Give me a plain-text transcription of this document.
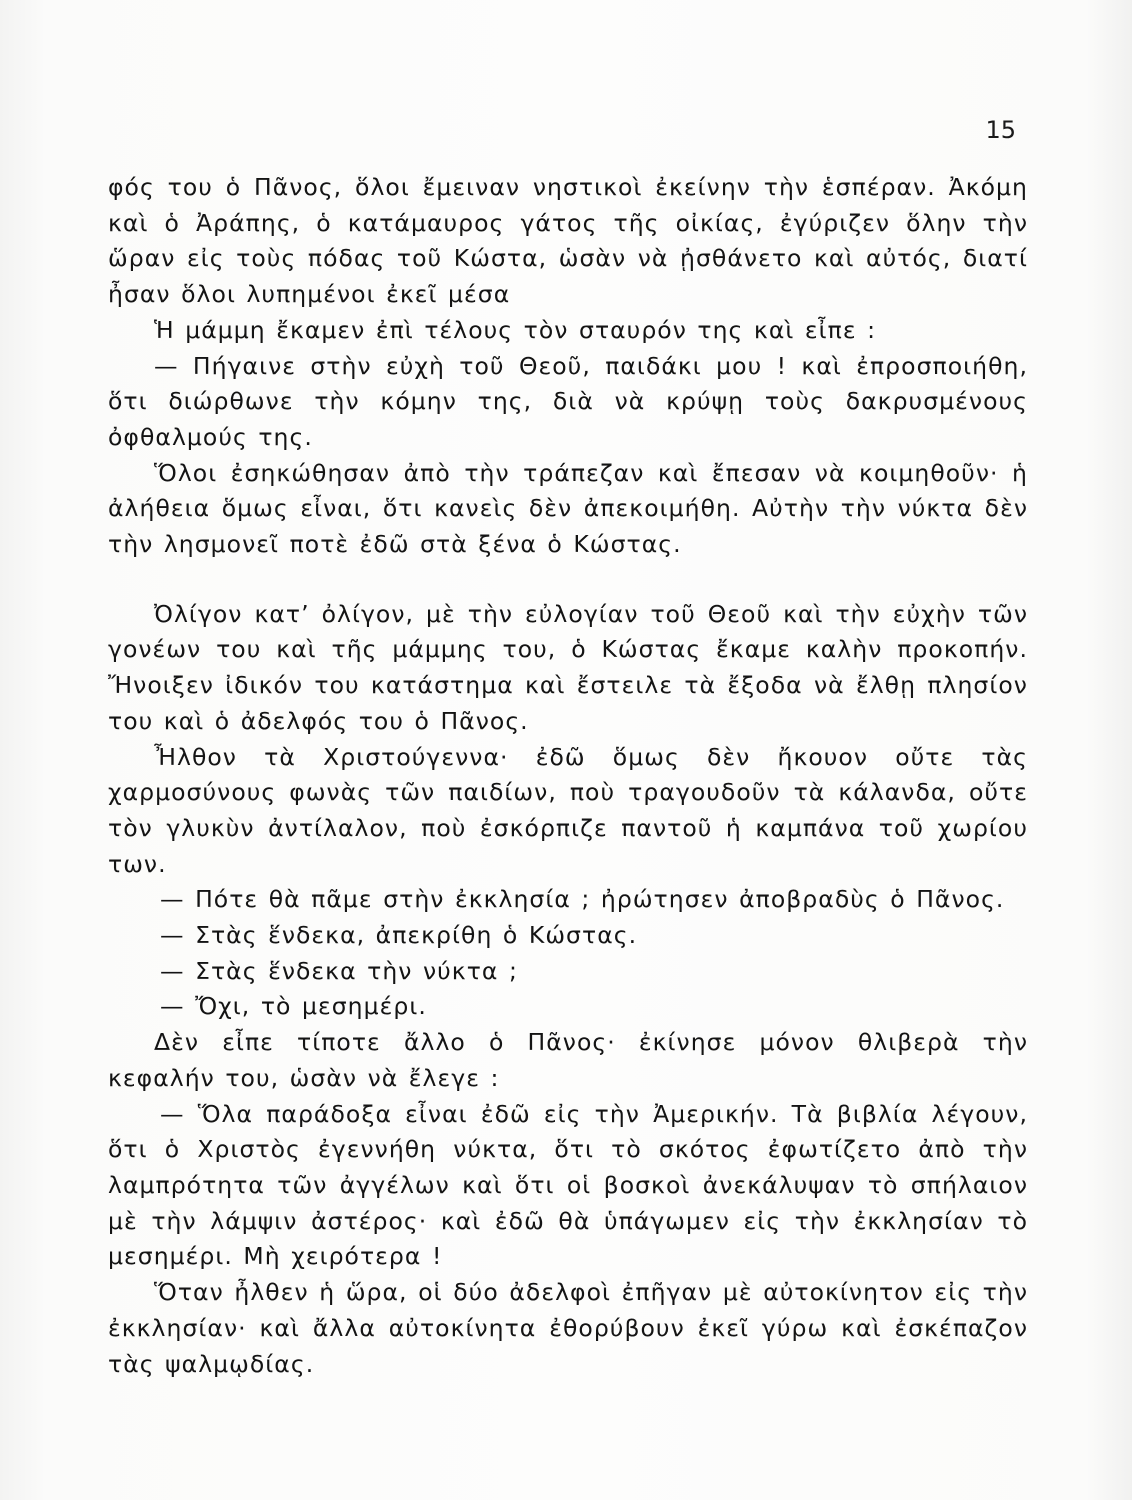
15

φός του ὁ Πᾶνος, ὅλοι ἔμειναν νηστικοὶ ἐκείνην τὴν ἑσπέραν. Ἀκόμη καὶ ὁ Ἀράπης, ὁ κατάμαυρος γάτος τῆς οἰκίας, ἐγύριζεν ὅλην τὴν ὥραν εἰς τοὺς πόδας τοῦ Κώστα, ὡσὰν νὰ ᾐσθάνετο καὶ αὐτός, διατί ἦσαν ὅλοι λυπημένοι ἐκεῖ μέσα

Ἡ μάμμη ἔκαμεν ἐπὶ τέλους τὸν σταυρόν της καὶ εἶπε :

— Πήγαινε στὴν εὐχὴ τοῦ Θεοῦ, παιδάκι μου ! καὶ ἐπροσποιήθη, ὅτι διώρθωνε τὴν κόμην της, διὰ νὰ κρύψῃ τοὺς δακρυσμένους ὀφθαλμούς της.

Ὅλοι ἐσηκώθησαν ἀπὸ τὴν τράπεζαν καὶ ἔπεσαν νὰ κοιμηθοῦν· ἡ ἀλήθεια ὅμως εἶναι, ὅτι κανεὶς δὲν ἀπεκοιμήθη. Αὐτὴν τὴν νύκτα δὲν τὴν λησμονεῖ ποτὲ ἐδῶ στὰ ξένα ὁ Κώστας.

Ὀλίγον κατ’ ὀλίγον, μὲ τὴν εὐλογίαν τοῦ Θεοῦ καὶ τὴν εὐχὴν τῶν γονέων του καὶ τῆς μάμμης του, ὁ Κώστας ἔκαμε καλὴν προκοπήν. Ἤνοιξεν ἰδικόν του κατάστημα καὶ ἔστειλε τὰ ἔξοδα νὰ ἔλθῃ πλησίον του καὶ ὁ ἀδελφός του ὁ Πᾶνος.

Ἦλθον τὰ Χριστούγεννα· ἐδῶ ὅμως δὲν ἤκουον οὔτε τὰς χαρμοσύνους φωνὰς τῶν παιδίων, ποὺ τραγουδοῦν τὰ κάλανδα, οὔτε τὸν γλυκὺν ἀντίλαλον, ποὺ ἐσκόρπιζε παντοῦ ἡ καμπάνα τοῦ χωρίου των.

— Πότε θὰ πᾶμε στὴν ἐκκλησία ; ἠρώτησεν ἀποβραδὺς ὁ Πᾶνος.

— Στὰς ἕνδεκα, ἀπεκρίθη ὁ Κώστας.

— Στὰς ἕνδεκα τὴν νύκτα ;

— Ὄχι, τὸ μεσημέρι.

Δὲν εἶπε τίποτε ἄλλο ὁ Πᾶνος· ἐκίνησε μόνον θλιβερὰ τὴν κεφαλήν του, ὡσὰν νὰ ἔλεγε :

— Ὅλα παράδοξα εἶναι ἐδῶ εἰς τὴν Ἀμερικήν. Τὰ βιβλία λέγουν, ὅτι ὁ Χριστὸς ἐγεννήθη νύκτα, ὅτι τὸ σκότος ἐφωτίζετο ἀπὸ τὴν λαμπρότητα τῶν ἀγγέλων καὶ ὅτι οἱ βοσκοὶ ἀνεκάλυψαν τὸ σπήλαιον μὲ τὴν λάμψιν ἀστέρος· καὶ ἐδῶ θὰ ὑπάγωμεν εἰς τὴν ἐκκλησίαν τὸ μεσημέρι. Μὴ χειρότερα !

Ὅταν ἦλθεν ἡ ὥρα, οἱ δύο ἀδελφοὶ ἐπῆγαν μὲ αὐτοκίνητον εἰς τὴν ἐκκλησίαν· καὶ ἄλλα αὐτοκίνητα ἐθορύβουν ἐκεῖ γύρω καὶ ἐσκέπαζον τὰς ψαλμῳδίας.
